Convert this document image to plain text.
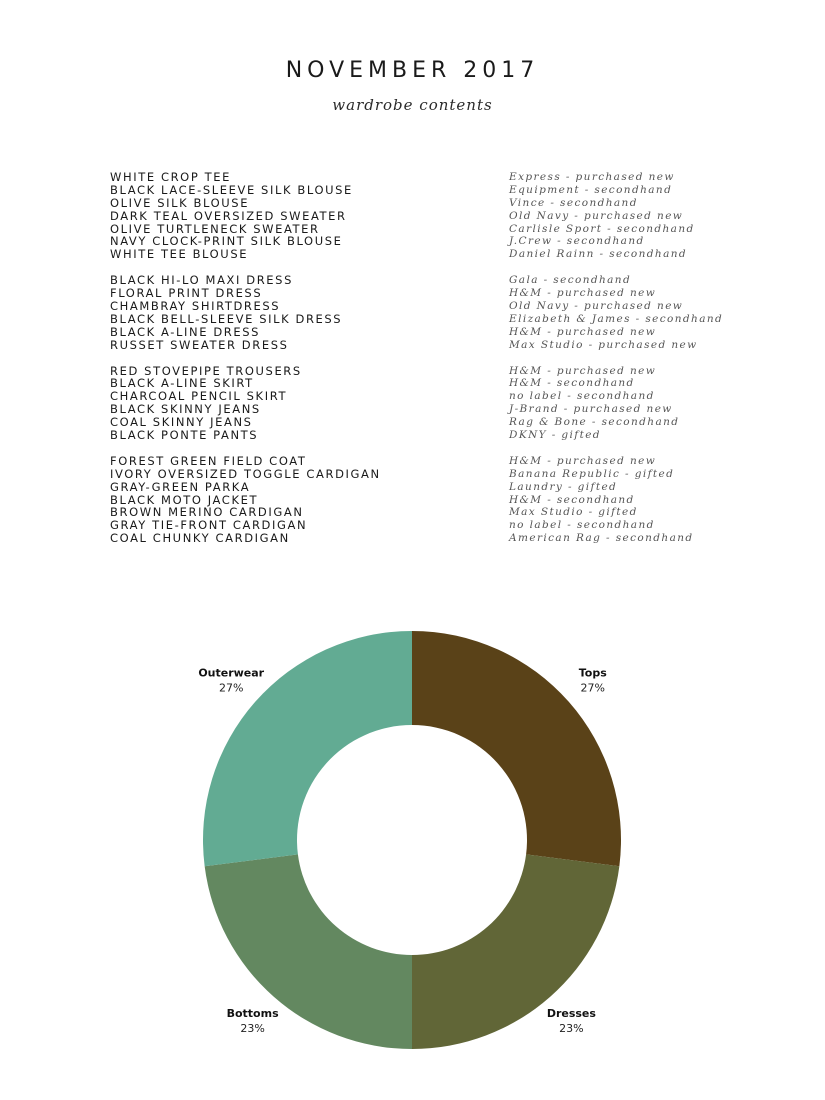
NOVEMBER 2017
wardrobe contents
WHITE CROP TEE	Express - purchased new
BLACK LACE-SLEEVE SILK BLOUSE	Equipment - secondhand
OLIVE SILK BLOUSE	Vince - secondhand
DARK TEAL OVERSIZED SWEATER	Old Navy - purchased new
OLIVE TURTLENECK SWEATER	Carlisle Sport - secondhand
NAVY CLOCK-PRINT SILK BLOUSE	J.Crew - secondhand
WHITE TEE BLOUSE	Daniel Rainn - secondhand
BLACK HI-LO MAXI DRESS	Gala - secondhand
FLORAL PRINT DRESS	H&M - purchased new
CHAMBRAY SHIRTDRESS	Old Navy - purchased new
BLACK BELL-SLEEVE SILK DRESS	Elizabeth & James - secondhand
BLACK A-LINE DRESS	H&M - purchased new
RUSSET SWEATER DRESS	Max Studio - purchased new
RED STOVEPIPE TROUSERS	H&M - purchased new
BLACK A-LINE SKIRT	H&M - secondhand
CHARCOAL PENCIL SKIRT	no label - secondhand
BLACK SKINNY JEANS	J-Brand - purchased new
COAL SKINNY JEANS	Rag & Bone - secondhand
BLACK PONTE PANTS	DKNY - gifted
FOREST GREEN FIELD COAT	H&M - purchased new
IVORY OVERSIZED TOGGLE CARDIGAN	Banana Republic - gifted
GRAY-GREEN PARKA	Laundry - gifted
BLACK MOTO JACKET	H&M - secondhand
BROWN MERINO CARDIGAN	Max Studio - gifted
GRAY TIE-FRONT CARDIGAN	no label - secondhand
COAL CHUNKY CARDIGAN	American Rag - secondhand
Tops
27%
Dresses
23%
Bottoms
23%
Outerwear
27%
